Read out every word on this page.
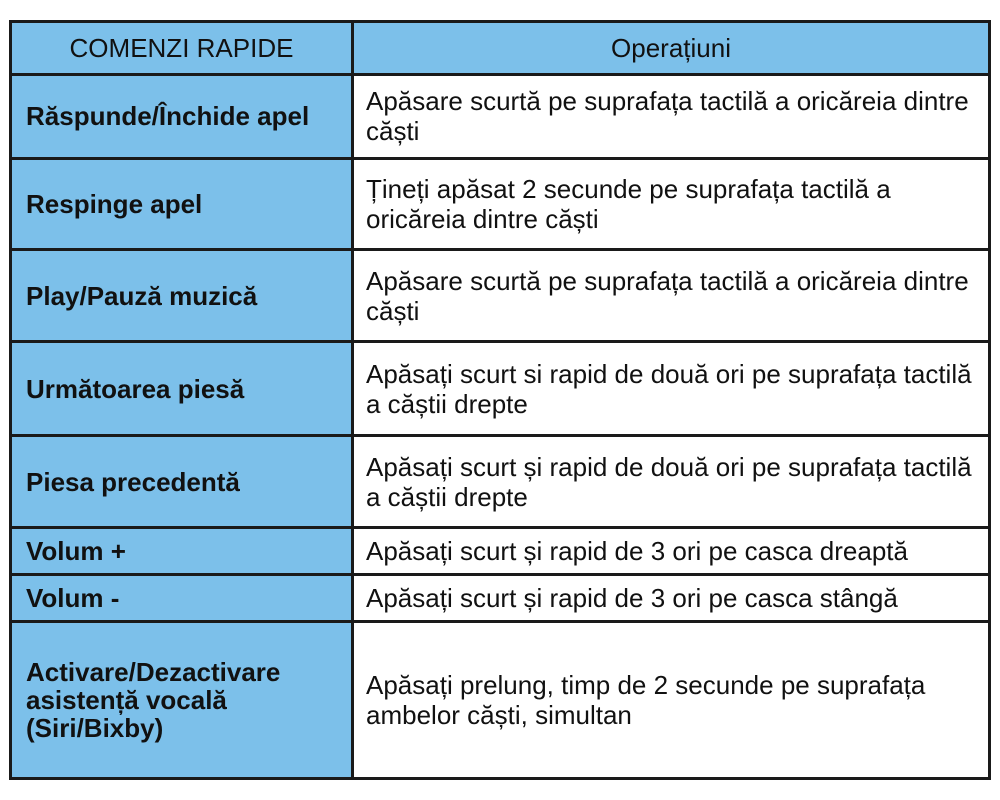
COMENZI RAPIDE	Operațiuni
Răspunde/Închide apel	Apăsare scurtă pe suprafața tactilă a oricăreia dintre căști
Respinge apel	Țineți apăsat 2 secunde pe suprafața tactilă a oricăreia dintre căști
Play/Pauză muzică	Apăsare scurtă pe suprafața tactilă a oricăreia dintre căști
Următoarea piesă	Apăsați scurt si rapid de două ori pe suprafața tactilă a căștii drepte
Piesa precedentă	Apăsați scurt și rapid de două ori pe suprafața tactilă a căștii drepte
Volum +	Apăsați scurt și rapid de 3 ori pe casca dreaptă
Volum -	Apăsați scurt și rapid de 3 ori pe casca stângă
Activare/Dezactivare asistență vocală (Siri/Bixby)	Apăsați prelung, timp de 2 secunde pe suprafața ambelor căști, simultan
